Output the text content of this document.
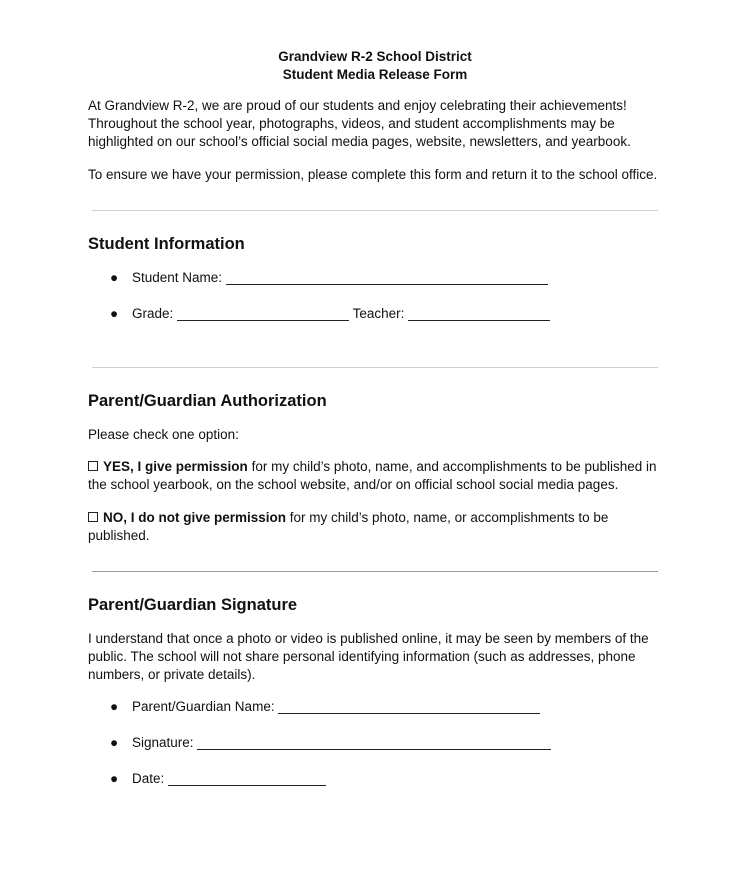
Grandview R-2 School District
Student Media Release Form
At Grandview R-2, we are proud of our students and enjoy celebrating their achievements! Throughout the school year, photographs, videos, and student accomplishments may be highlighted on our school’s official social media pages, website, newsletters, and yearbook.
To ensure we have your permission, please complete this form and return it to the school office.
Student Information
● Student Name:
● Grade:	Teacher:
Parent/Guardian Authorization
Please check one option:
YES, I give permission for my child’s photo, name, and accomplishments to be published in the school yearbook, on the school website, and/or on official school social media pages.
NO, I do not give permission for my child’s photo, name, or accomplishments to be published.
Parent/Guardian Signature
I understand that once a photo or video is published online, it may be seen by members of the public. The school will not share personal identifying information (such as addresses, phone numbers, or private details).
● Parent/Guardian Name:
● Signature:
● Date:
